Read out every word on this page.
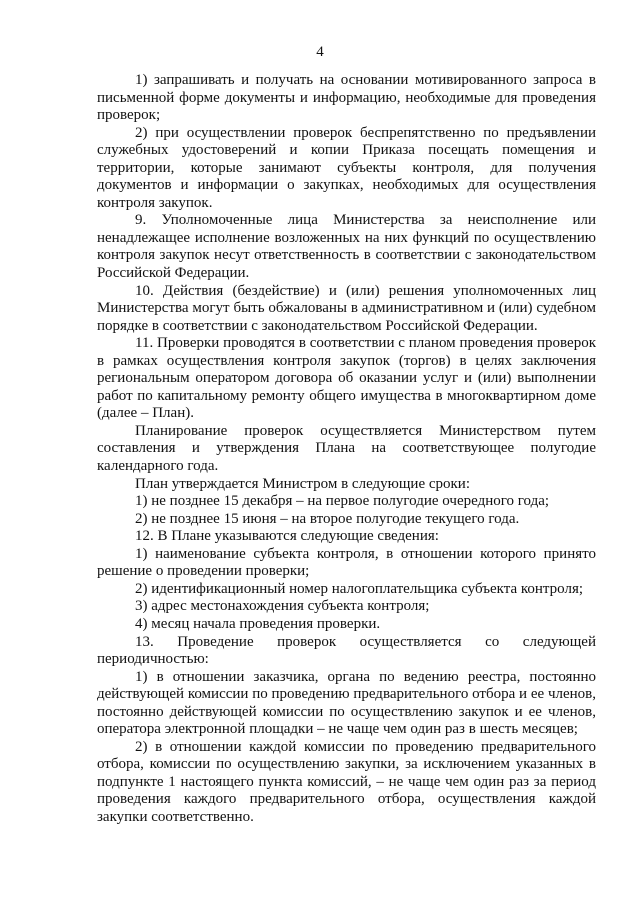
4

1) запрашивать и получать на основании мотивированного запроса в письменной форме документы и информацию, необходимые для проведения проверок;

2) при осуществлении проверок беспрепятственно по предъявлении служебных удостоверений и копии Приказа посещать помещения и территории, которые занимают субъекты контроля, для получения документов и информации о закупках, необходимых для осуществления контроля закупок.

9. Уполномоченные лица Министерства за неисполнение или ненадлежащее исполнение возложенных на них функций по осуществлению контроля закупок несут ответственность в соответствии с законодательством Российской Федерации.

10. Действия (бездействие) и (или) решения уполномоченных лиц Министерства могут быть обжалованы в административном и (или) судебном порядке в соответствии с законодательством Российской Федерации.

11. Проверки проводятся в соответствии с планом проведения проверок в рамках осуществления контроля закупок (торгов) в целях заключения региональным оператором договора об оказании услуг и (или) выполнении работ по капитальному ремонту общего имущества в многоквартирном доме (далее – План).

Планирование проверок осуществляется Министерством путем составления и утверждения Плана на соответствующее полугодие календарного года.

План утверждается Министром в следующие сроки:

1) не позднее 15 декабря – на первое полугодие очередного года;

2) не позднее 15 июня – на второе полугодие текущего года.

12. В Плане указываются следующие сведения:

1) наименование субъекта контроля, в отношении которого принято решение о проведении проверки;

2) идентификационный номер налогоплательщика субъекта контроля;

3) адрес местонахождения субъекта контроля;

4) месяц начала проведения проверки.

13. Проведение проверок осуществляется со следующей периодичностью:

1) в отношении заказчика, органа по ведению реестра, постоянно действующей комиссии по проведению предварительного отбора и ее членов, постоянно действующей комиссии по осуществлению закупок и ее членов, оператора электронной площадки – не чаще чем один раз в шесть месяцев;

2) в отношении каждой комиссии по проведению предварительного отбора, комиссии по осуществлению закупки, за исключением указанных в подпункте 1 настоящего пункта комиссий, – не чаще чем один раз за период проведения каждого предварительного отбора, осуществления каждой закупки соответственно.
